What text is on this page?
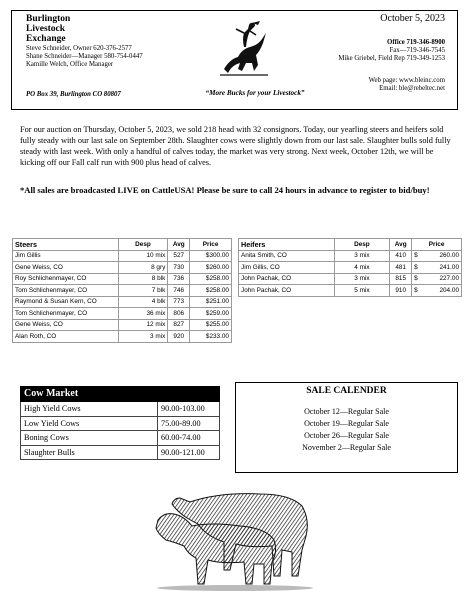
Burlington
Livestock
Exchange
Steve Schneider, Owner 620-376-2577
Shane Schneider—Manager 580-754-0447
Kamille Welch, Office Manager
PO Box 39, Burlington CO 80807	“More Bucks for your Livestock”
October 5, 2023
Office 719-346-8900
Fax—719-346-7545
Mike Griebel, Field Rep 719-349-1253
Web page: www.bleinc.com
Email: ble@rebeltec.net

For our auction on Thursday, October 5, 2023, we sold 218 head with 32 consignors. Today, our yearling steers and heifers sold fully steady with our last sale on September 28th. Slaughter cows were slightly down from our last sale. Slaughter bulls sold fully steady with last week. With only a handful of calves today, the market was very strong. Next week, October 12th, we will be kicking off our Fall calf run with 900 plus head of calves.

*All sales are broadcasted LIVE on CattleUSA! Please be sure to call 24 hours in advance to register to bid/buy!

Steers	Desp	Avg	Price
Jim Gillis	10 mix	527	$300.00
Gene Weiss, CO	8 gry	730	$260.00
Roy Schlichenmayer, CO	8 blk	736	$258.00
Tom Schlichenmayer, CO	7 blk	746	$258.00
Raymond & Susan Kern, CO	4 blk	773	$251.00
Tom Schlichenmayer, CO	36 mix	806	$259.00
Gene Weiss, CO	12 mix	827	$255.00
Alan Roth, CO	3 mix	920	$233.00
Heifers	Desp	Avg	Price	
Anita Smith, CO	3 mix	410	$	260.00
Jim Gillis, CO	4 mix	481	$	241.00
John Pachak, CO	3 mix	815	$	227.00
John Pachak, CO	5 mix	910	$	204.00
Cow Market
High Yield Cows	90.00-103.00
Low Yield Cows	75.00-89.00
Boning Cows	60.00-74.00
Slaughter Bulls	90.00-121.00
SALE CALENDER
October 12—Regular Sale
October 19—Regular Sale
October 26—Regular Sale
November 2—Regular Sale
